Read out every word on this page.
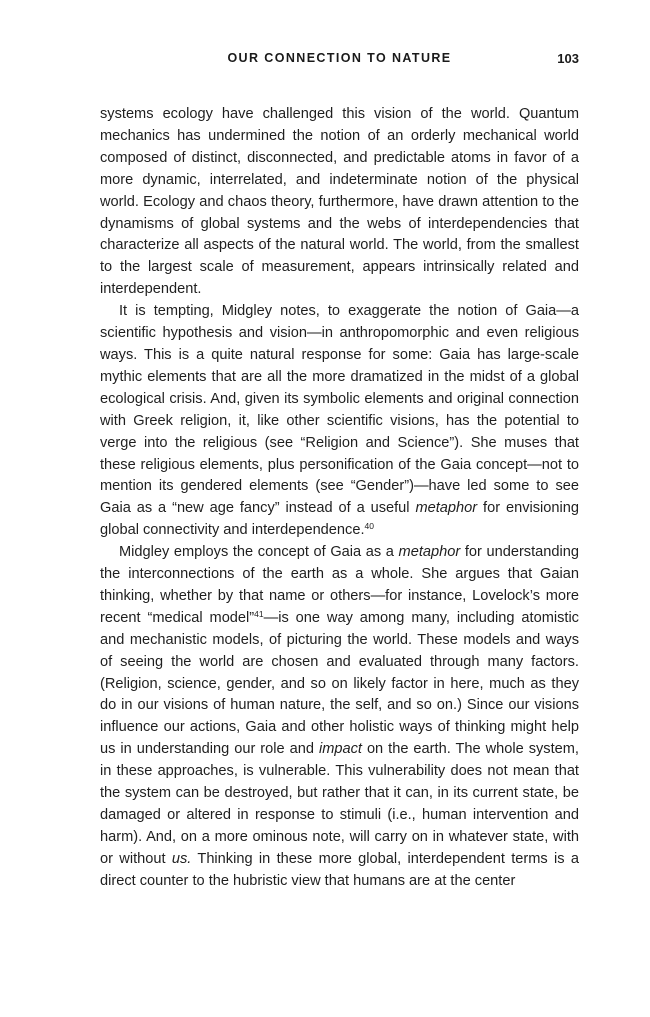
OUR CONNECTION TO NATURE	103

systems ecology have challenged this vision of the world. Quantum mechanics has undermined the notion of an orderly mechanical world composed of distinct, disconnected, and predictable atoms in favor of a more dynamic, interrelated, and indeterminate notion of the physical world. Ecology and chaos theory, furthermore, have drawn attention to the dynamisms of global systems and the webs of interdependencies that characterize all aspects of the natural world. The world, from the smallest to the largest scale of measurement, appears intrinsically related and interdependent.

It is tempting, Midgley notes, to exaggerate the notion of Gaia—a scientific hypothesis and vision—in anthropomorphic and even religious ways. This is a quite natural response for some: Gaia has large-scale mythic elements that are all the more dramatized in the midst of a global ecological crisis. And, given its symbolic elements and original connection with Greek religion, it, like other scientific visions, has the potential to verge into the religious (see “Religion and Science”). She muses that these religious elements, plus personification of the Gaia concept—not to mention its gendered elements (see “Gender”)—have led some to see Gaia as a “new age fancy” instead of a useful metaphor for envisioning global connectivity and interdependence.$^{40}$

Midgley employs the concept of Gaia as a metaphor for understanding the interconnections of the earth as a whole. She argues that Gaian thinking, whether by that name or others—for instance, Lovelock’s more recent “medical model”$^{41}$—is one way among many, including atomistic and mechanistic models, of picturing the world. These models and ways of seeing the world are chosen and evaluated through many factors. (Religion, science, gender, and so on likely factor in here, much as they do in our visions of human nature, the self, and so on.) Since our visions influence our actions, Gaia and other holistic ways of thinking might help us in understanding our role and impact on the earth. The whole system, in these approaches, is vulnerable. This vulnerability does not mean that the system can be destroyed, but rather that it can, in its current state, be damaged or altered in response to stimuli (i.e., human intervention and harm). And, on a more ominous note, will carry on in whatever state, with or without us. Thinking in these more global, interdependent terms is a direct counter to the hubristic view that humans are at the center
